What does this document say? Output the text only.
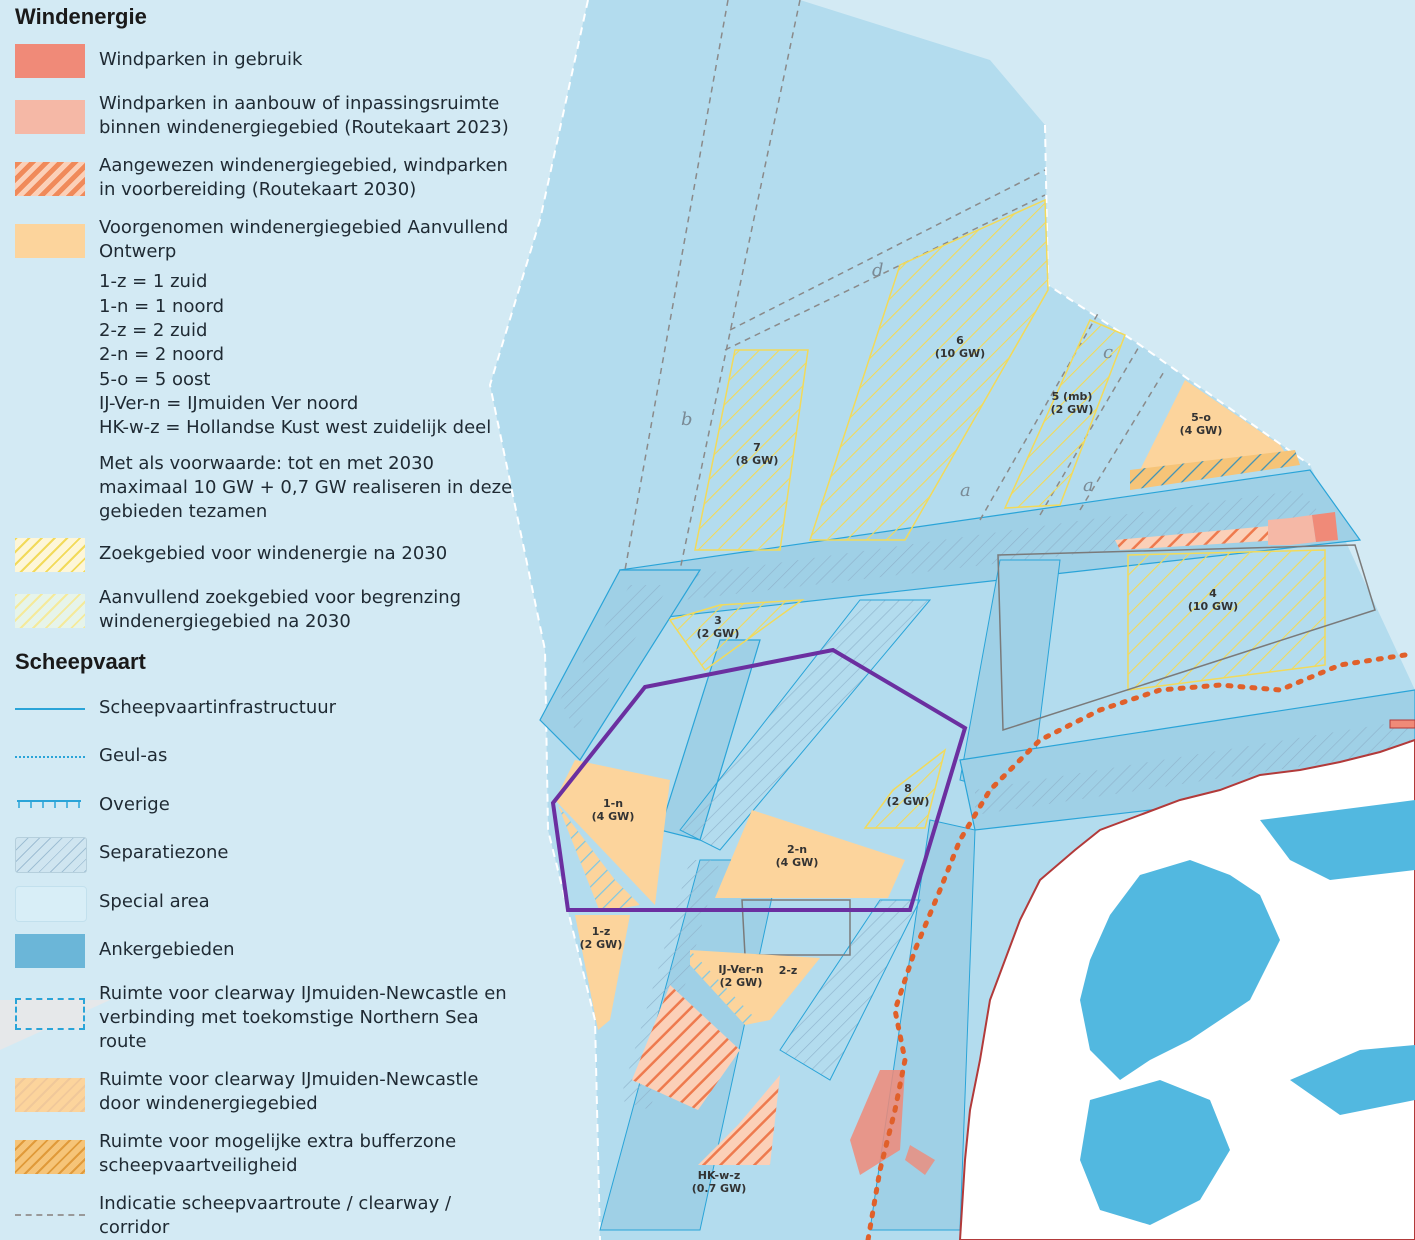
b
d
c
a	a
7
(8 GW)
6
(10 GW)
5 (mb)
(2 GW)
5-o
(4 GW)
4
(10 GW)
3
(2 GW)
8
(2 GW)
1-n
(4 GW)
2-n
(4 GW)
1-z
(2 GW)
IJ-Ver-n
(2 GW)
2-z
HK-w-z
(0.7 GW)
Windenergie
Windparken in gebruik
Windparken in aanbouw of inpassingsruimte
binnen windenergiegebied (Routekaart 2023)
Aangewezen windenergiegebied, windparken
in voorbereiding (Routekaart 2030)
Voorgenomen windenergiegebied Aanvullend
Ontwerp
1-z = 1 zuid
1-n = 1 noord
2-z = 2 zuid
2-n = 2 noord
5-o = 5 oost
IJ-Ver-n = IJmuiden Ver noord
HK-w-z = Hollandse Kust west zuidelijk deel
Met als voorwaarde: tot en met 2030
maximaal 10 GW + 0,7 GW realiseren in deze
gebieden tezamen
Zoekgebied voor windenergie na 2030
Aanvullend zoekgebied voor begrenzing
windenergiegebied na 2030
Scheepvaart
Scheepvaartinfrastructuur
Geul-as
Overige
Separatiezone
Special area
Ankergebieden
Ruimte voor clearway IJmuiden-Newcastle en
verbinding met toekomstige Northern Sea
route
Ruimte voor clearway IJmuiden-Newcastle
door windenergiegebied
Ruimte voor mogelijke extra bufferzone
scheepvaartveiligheid
Indicatie scheepvaartroute / clearway /
corridor
